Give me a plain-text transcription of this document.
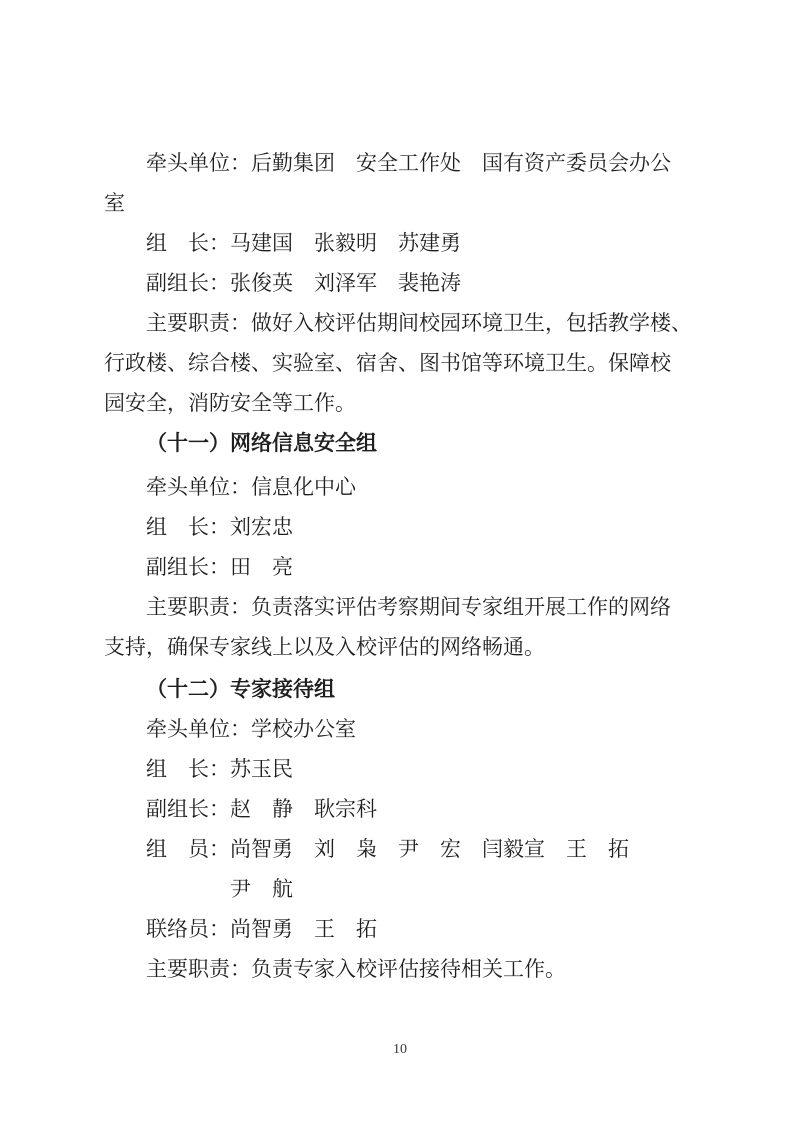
牵头单位：后勤集团　安全工作处　国有资产委员会办公
室
组　长：马建国　张毅明　苏建勇
副组长：张俊英　刘泽军　裴艳涛
主要职责：做好入校评估期间校园环境卫生，包括教学楼、
行政楼、综合楼、实验室、宿舍、图书馆等环境卫生。保障校
园安全，消防安全等工作。
（十一）网络信息安全组
牵头单位：信息化中心
组　长：刘宏忠
副组长：田　亮
主要职责：负责落实评估考察期间专家组开展工作的网络
支持，确保专家线上以及入校评估的网络畅通。
（十二）专家接待组
牵头单位：学校办公室
组　长：苏玉民
副组长：赵　静　耿宗科
组　员：尚智勇　刘　枭　尹　宏　闫毅宣　王　拓
尹　航
联络员：尚智勇　王　拓
主要职责：负责专家入校评估接待相关工作。
10
